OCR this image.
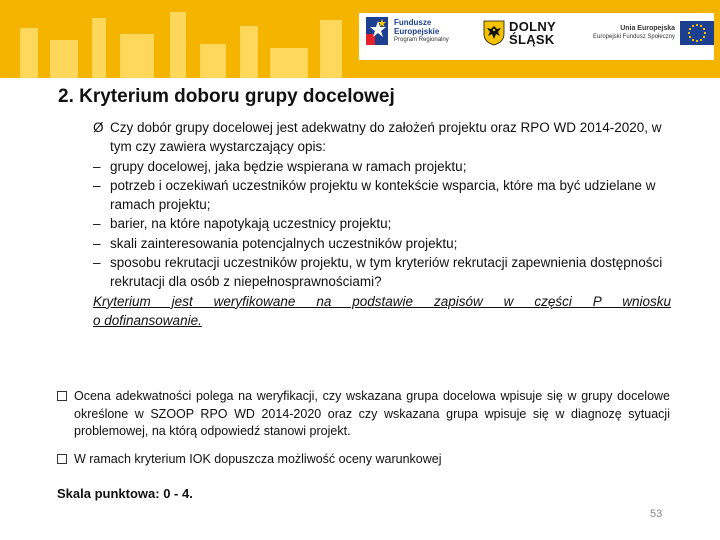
Fundusze
Europejskie
Program Regionalny
DOLNY
ŚLĄSK
Unia Europejska
Europejski Fundusz Społeczny
2. Kryterium doboru grupy docelowej
Ø Czy dobór grupy docelowej jest adekwatny do założeń projektu oraz RPO WD 2014-2020, w tym czy zawiera wystarczający opis:
– grupy docelowej, jaka będzie wspierana w ramach projektu;
– potrzeb i oczekiwań uczestników projektu w kontekście wsparcia, które ma być udzielane w ramach projektu;
– barier, na które napotykają uczestnicy projektu;
– skali zainteresowania potencjalnych uczestników projektu;
– sposobu rekrutacji uczestników projektu, w tym kryteriów rekrutacji zapewnienia dostępności rekrutacji dla osób z niepełnosprawnościami?
Kryterium jest weryfikowane na podstawie zapisów w części P wniosku
o dofinansowanie.
Ocena adekwatności polega na weryfikacji, czy wskazana grupa docelowa wpisuje się w grupy docelowe określone w SZOOP RPO WD 2014-2020 oraz czy wskazana grupa wpisuje się w diagnozę sytuacji problemowej, na którą odpowiedź stanowi projekt.
W ramach kryterium IOK dopuszcza możliwość oceny warunkowej
Skala punktowa: 0 - 4.
53
